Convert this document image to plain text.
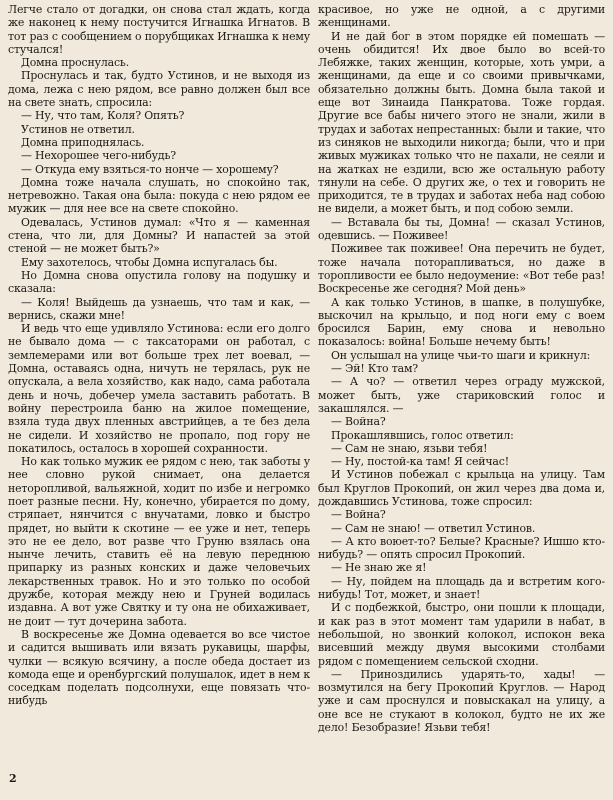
Легче стало от догадки, он снова стал ждать, когда же наконец к нему постучится Игнашка Игнатов. В тот раз с сообщением о порубщиках Игнашка к нему стучался!

Домна проснулась.

Проснулась и так, будто Устинов, и не выходя из дома, лежа с нею рядом, все равно должен был все на свете знать, спросила:

— Ну, что там, Коля? Опять?

Устинов не ответил.

Домна приподнялась.

— Нехорошее чего-нибудь?

— Откуда ему взяться-то нонче — хорошему?

Домна тоже начала слушать, но спокойно так, нетревожно. Такая она была: покуда с нею рядом ее мужик — для нее все на свете спокойно.

Одевалась, Устинов думал: «Что я — каменная стена, что ли, для Домны? И напастей за этой стеной — не может быть?»

Ему захотелось, чтобы Домна испугалась бы.

Но Домна снова опустила голову на подушку и сказала:

— Коля! Выйдешь да узнаешь, что там и как, — вернись, скажи мне!

И ведь что еще удивляло Устинова: если его долго не бывало дома — с таксаторами он работал, с землемерами или вот больше трех лет воевал, — Домна, оставаясь одна, ничуть не терялась, рук не опускала, а вела хозяйство, как надо, сама работала день и ночь, добечер умела заставить работать. В войну перестроила баню на жилое помещение, взяла туда двух пленных австрийцев, а те без дела не сидели. И хозяйство не пропало, под гору не покатилось, осталось в хорошей сохранности.

Но как только мужик ее рядом с нею, так заботы у нее словно рукой снимает, она делается неторопливой, вальяжной, ходит по избе и негромко поет разные песни. Ну, конечно, убирается по дому, стряпает, нянчится с внучатами, ловко и быстро прядет, но выйти к скотине — ее уже и нет, теперь это не ее дело, вот разве что Груню взялась она нынче лечить, ставить её на левую переднюю припарку из разных конских и даже человечьих лекарственных травок. Но и это только по особой дружбе, которая между нею и Груней водилась издавна. А вот уже Святку и ту она не обихаживает, не доит — тут дочерина забота.

В воскресенье же Домна одевается во все чистое и садится вышивать или вязать рукавицы, шарфы, чулки — всякую всячину, а после обеда достает из комода еще и оренбургский полушалок, идет в нем к соседкам поделать подсолнухи, еще повязать что-нибудь

красивое, но уже не одной, а с другими женщинами.

И не дай бог в этом порядке ей помешать — очень обидится! Их двое было во всей-то Лебяжке, таких женщин, которые, хоть умри, а женщинами, да еще и со своими привычками, обязательно должны быть. Домна была такой и еще вот Зинаида Панкратова. Тоже гордая. Другие все бабы ничего этого не знали, жили в трудах и заботах непрестанных: были и такие, что из синяков не выходили никогда; были, что и при живых мужиках только что не пахали, не сеяли и на жатках не ездили, всю же остальную работу тянули на себе. О других же, о тех и говорить не приходится, те в трудах и заботах неба над собою не видели, а может быть, и под собою земли.

— Вставала бы ты, Домна! — сказал Устинов, одевшись. — Поживее!

Поживее так поживее! Она перечить не будет, тоже начала поторапливаться, но даже в торопливости ее было недоумение: «Вот тебе раз! Воскресенье же сегодня? Мой день»

А как только Устинов, в шапке, в полушубке, выскочил на крыльцо, и под ноги ему с воем бросился Барин, ему снова и невольно показалось: война! Больше нечему быть!

Он услышал на улице чьи-то шаги и крикнул:

— Эй! Кто там?

— А чо? — ответил через ограду мужской, может быть, уже стариковский голос и закашлялся. —

— Война?

Прокашлявшись, голос ответил:

— Сам не знаю, язьви тебя!

— Ну, постой-ка там! Я сейчас!

И Устинов побежал с крыльца на улицу. Там был Круглов Прокопий, он жил через два дома и, дождавшись Устинова, тоже спросил:

— Война?

— Сам не знаю! — ответил Устинов.

— А кто воюет-то? Белые? Красные? Ишшо кто-нибудь? — опять спросил Прокопий.

— Не знаю же я!

— Ну, пойдем на площадь да и встретим кого-нибудь! Тот, может, и знает!

И с подбежкой, быстро, они пошли к площади, и как раз в этот момент там ударили в набат, в небольшой, но звонкий колокол, испокон века висевший между двумя высокими столбами рядом с помещением сельской сходни.

— Приноздились ударять-то, хады! — возмутился на бегу Прокопий Круглов. — Народ уже и сам проснулся и повыскакал на улицу, а оне все не стукают в колокол, будто не их же дело! Безобразие! Язьви тебя!

2
